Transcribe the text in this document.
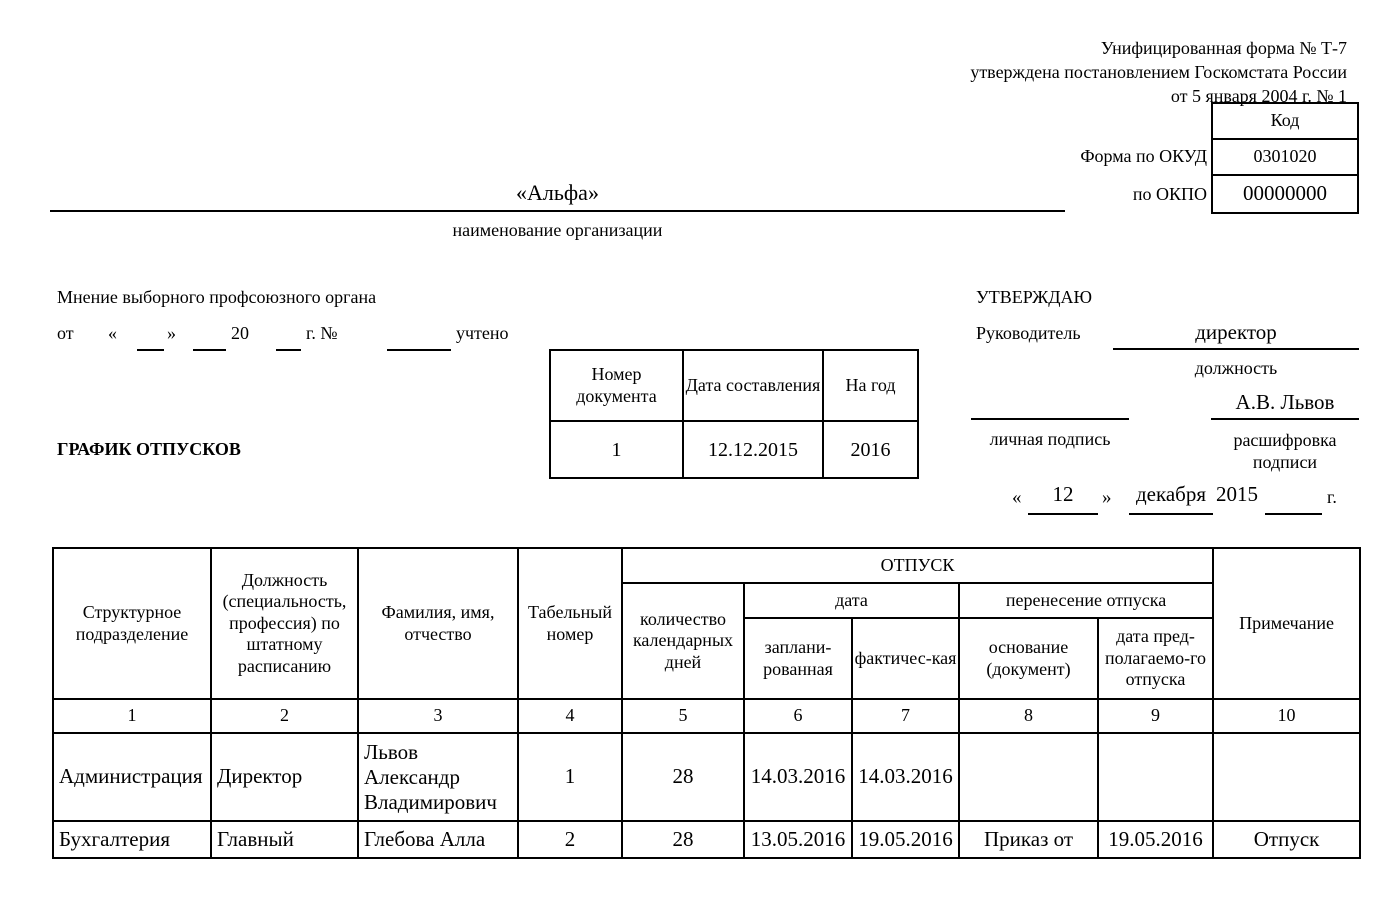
Унифицированная форма № Т-7
утверждена постановлением Госкомстата России
от 5 января 2004 г. № 1
Код
0301020
00000000
Форма по ОКУД
по ОКПО
«Альфа»
наименование организации
Мнение выборного профсоюзного органа
от «	»	20	г. №	учтено
Номер документа	Дата составления	На год
1	12.12.2015	2016
ГРАФИК ОТПУСКОВ
УТВЕРЖДАЮ
Руководитель	директор
должность
А.В. Львов
личная подпись	расшифровка подписи
«	12	»	декабря 2015	г.
Структурное подразделение	Должность (специальность, профессия) по штатному расписанию	Фамилия, имя, отчество	Табельный номер	ОТПУСК					Примечание
				количество календарных дней	дата		перенесение отпуска		
					заплани-рованная	фактичес-кая	основание (документ)	дата пред-полагаемо-го отпуска	
1	2	3	4	5	6	7	8	9	10
Администрация	Директор	Львов Александр Владимирович	1	28	14.03.2016	14.03.2016			
Бухгалтерия	Главный	Глебова Алла	2	28	13.05.2016	19.05.2016	Приказ от	19.05.2016	Отпуск
